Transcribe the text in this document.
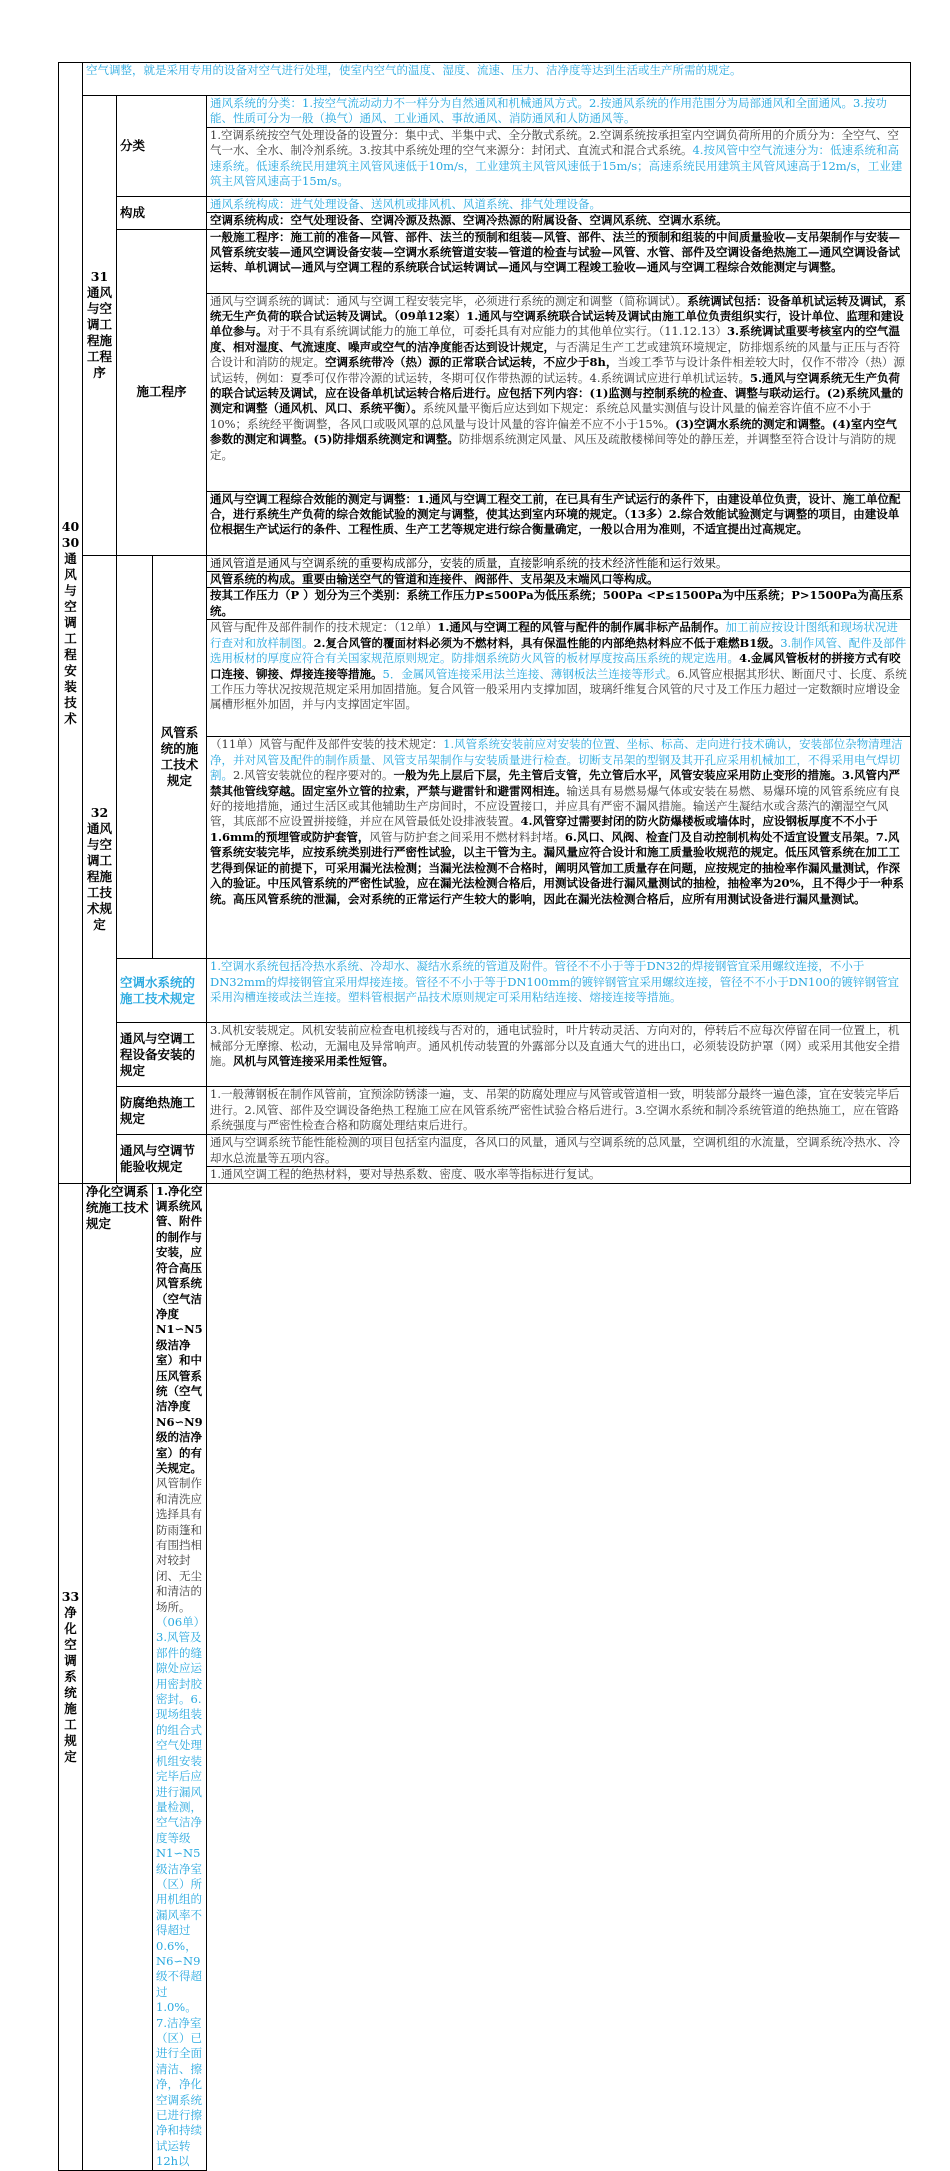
40 30 通风与空调工程安装技术	空气调整，就是采用专用的设备对空气进行处理，使室内空气的温度、湿度、流速、压力、洁净度等达到生活或生产所需的规定。			
	31 通风与空调工程施工程序	分类		通风系统的分类：1.按空气流动动力不一样分为自然通风和机械通风方式。2.按通风系统的作用范围分为局部通风和全面通风。3.按功能、性质可分为一般（换气）通风、工业通风、事故通风、消防通风和人防通风等。
				1.空调系统按空气处理设备的设置分：集中式、半集中式、全分散式系统。2.空调系统按承担室内空调负荷所用的介质分为：全空气、空气一水、全水、制冷剂系统。3.按其中系统处理的空气来源分：封闭式、直流式和混合式系统。4.按风管中空气流速分为：低速系统和高速系统。低速系统民用建筑主风管风速低于10m/s，工业建筑主风管风速低于15m/s；高速系统民用建筑主风管风速高于12m/s，工业建筑主风管风速高于15m/s。
		构成		通风系统构成：进气处理设备、送风机或排风机、风道系统、排气处理设备。
				空调系统构成：空气处理设备、空调冷源及热源、空调冷热源的附属设备、空调风系统、空调水系统。
		施工程序		一般施工程序：施工前的准备—风管、部件、法兰的预制和组装—风管、部件、法兰的预制和组装的中间质量验收—支吊架制作与安装—风管系统安装—通风空调设备安装—空调水系统管道安装—管道的检查与试验—风管、水管、部件及空调设备绝热施工—通风空调设备试运转、单机调试—通风与空调工程的系统联合试运转调试—通风与空调工程竣工验收—通风与空调工程综合效能测定与调整。
				通风与空调系统的调试：通风与空调工程安装完毕，必须进行系统的测定和调整（简称调试）。系统调试包括：设备单机试运转及调试，系统无生产负荷的联合试运转及调试。（09单12案）1.通风与空调系统联合试运转及调试由施工单位负责组织实行，设计单位、监理和建设单位参与。对于不具有系统调试能力的施工单位，可委托具有对应能力的其他单位实行。（11.12.13）3.系统调试重要考核室内的空气温度、相对湿度、气流速度、噪声或空气的洁净度能否达到设计规定，与否满足生产工艺或建筑环境规定，防排烟系统的风量与正压与否符合设计和消防的规定。空调系统带冷（热）源的正常联合试运转，不应少于8h，当竣工季节与设计条件相差较大时，仅作不带冷（热）源试运转，例如：夏季可仅作带冷源的试运转，冬期可仅作带热源的试运转。4.系统调试应进行单机试运转。5.通风与空调系统无生产负荷的联合试运转及调试，应在设备单机试运转合格后进行。应包括下列内容：(1)监测与控制系统的检查、调整与联动运行。(2)系统风量的测定和调整（通风机、风口、系统平衡）。系统风量平衡后应达到如下规定：系统总风量实测值与设计风量的偏差容许值不应不小于10%；系统经平衡调整，各风口或吸风罩的总风量与设计风量的容许偏差不应不小于15%。(3)空调水系统的测定和调整。(4)室内空气参数的测定和调整。(5)防排烟系统测定和调整。防排烟系统测定风量、风压及疏散楼梯间等处的静压差，并调整至符合设计与消防的规定。
				通风与空调工程综合效能的测定与调整：1.通风与空调工程交工前，在已具有生产试运行的条件下，由建设单位负责，设计、施工单位配合，进行系统生产负荷的综合效能试验的测定与调整，使其达到室内环境的规定。（13多）2.综合效能试验测定与调整的项目，由建设单位根据生产试运行的条件、工程性质、生产工艺等规定进行综合衡量确定，一般以合用为准则，不适宜提出过高规定。
	32 通风与空调工程施工技术规定		风管系统的施工技术规定	通风管道是通风与空调系统的重要构成部分，安装的质量，直接影响系统的技术经济性能和运行效果。
				风管系统的构成。重要由输送空气的管道和连接件、阀部件、支吊架及末端风口等构成。
				按其工作压力（P ）划分为三个类别：系统工作压力P≤500Pa为低压系统；500Pa <P≤1500Pa为中压系统；P>1500Pa为高压系统。
				风管与配件及部件制作的技术规定：（12单）1.通风与空调工程的风管与配件的制作属非标产品制作。加工前应按设计图纸和现场状况进行查对和放样制图。2.复合风管的覆面材料必须为不燃材料，具有保温性能的内部绝热材料应不低于难燃B1级。3.制作风管、配件及部件选用板材的厚度应符合有关国家规范原则规定。防排烟系统防火风管的板材厚度按高压系统的规定选用。4.金属风管板材的拼接方式有咬口连接、铆接、焊接连接等措施。5．金属风管连接采用法兰连接、薄钢板法兰连接等形式。6.风管应根据其形状、断面尺寸、长度、系统工作压力等状况按规范规定采用加固措施。复合风管一般采用内支撑加固，玻璃纤维复合风管的尺寸及工作压力超过一定数额时应增设金属槽形框外加固，并与内支撑固定牢固。
				（11单）风管与配件及部件安装的技术规定：1.风管系统安装前应对安装的位置、坐标、标高、走向进行技术确认，安装部位杂物清理洁净，并对风管及配件的制作质量、风管支吊架制作与安装质量进行检查。切断支吊架的型钢及其开孔应采用机械加工，不得采用电气焊切割。2.风管安装就位的程序要对的。一般为先上层后下层，先主管后支管，先立管后水平，风管安装应采用防止变形的措施。3.风管内严禁其他管线穿越。固定室外立管的拉索，严禁与避雷针和避雷网相连。输送具有易燃易爆气体或安装在易燃、易爆环境的风管系统应有良好的接地措施，通过生活区或其他辅助生产房间时，不应设置接口，并应具有严密不漏风措施。输送产生凝结水或含蒸汽的潮湿空气风管，其底部不应设置拼接缝，并应在风管最低处设排液装置。4.风管穿过需要封闭的防火防爆楼板或墙体时，应设钢板厚度不不小于1.6mm的预埋管或防护套管，风管与防护套之间采用不燃材料封堵。6.风口、风阀、检查门及自动控制机构处不适宜设置支吊架。7.风管系统安装完毕，应按系统类别进行严密性试验，以主干管为主。漏风量应符合设计和施工质量验收规范的规定。低压风管系统在加工工艺得到保证的前提下，可采用漏光法检测；当漏光法检测不合格时，阐明风管加工质量存在问题，应按规定的抽检率作漏风量测试，作深入的验证。中压风管系统的严密性试验，应在漏光法检测合格后，用测试设备进行漏风量测试的抽检，抽检率为20%，且不得少于一种系统。高压风管系统的泄漏，会对系统的正常运行产生较大的影响，因此在漏光法检测合格后，应所有用测试设备进行漏风量测试。
		空调水系统的施工技术规定		1.空调水系统包括冷热水系统、冷却水、凝结水系统的管道及附件。管径不不小于等于DN32的焊接钢管宜采用螺纹连接，不小于DN32mm的焊接钢管宜采用焊接连接。管径不不小于等于DN100mm的镀锌钢管宜采用螺纹连接，管径不不小于DN100的镀锌钢管宜采用沟槽连接或法兰连接。塑料管根据产品技术原则规定可采用粘结连接、熔接连接等措施。
		通风与空调工程设备安装的规定		3.风机安装规定。风机安装前应检查电机接线与否对的，通电试验时，叶片转动灵活、方向对的，停转后不应每次停留在同一位置上，机械部分无摩擦、松动，无漏电及异常响声。通风机传动装置的外露部分以及直通大气的进出口，必须装设防护罩（网）或采用其他安全措施。风机与风管连接采用柔性短管。
		防腐绝热施工规定		1.一般薄钢板在制作风管前，宜预涂防锈漆一遍，支、吊架的防腐处理应与风管或管道相一致，明装部分最终一遍色漆，宜在安装完毕后进行。2.风管、部件及空调设备绝热工程施工应在风管系统严密性试验合格后进行。3.空调水系统和制冷系统管道的绝热施工，应在管路系统强度与严密性检查合格和防腐处理结束后进行。
		通风与空调节能验收规定		通风与空调系统节能性能检测的项目包括室内温度，各风口的风量，通风与空调系统的总风量，空调机组的水流量，空调系统冷热水、冷却水总流量等五项内容。
1.通风空调工程的绝热材料，要对导热系数、密度、吸水率等指标进行复试。

33 净化空调系统施工规定	净化空调系统施工技术规定		1.净化空调系统风管、附件的制作与安装，应符合高压风管系统（空气洁净度N1∽N5级洁净室）和中压风管系统（空气洁净度N6∽N9级的洁净室）的有关规定。风管制作和清洗应选择具有防雨篷和有围挡相对较封闭、无尘和清洁的场所。（06单）3.风管及部件的缝隙处应运用密封胶密封。6.现场组装的组合式空气处理机组安装完毕后应进行漏风量检测，空气洁净度等级N1∽N5级洁净室（区）所用机组的漏风率不得超过0.6%，N6∽N9级不得超过1.0%。7.洁净室（区）已进行全面清洁、擦净，净化空调系统已进行擦净和持续试运转12h以	
